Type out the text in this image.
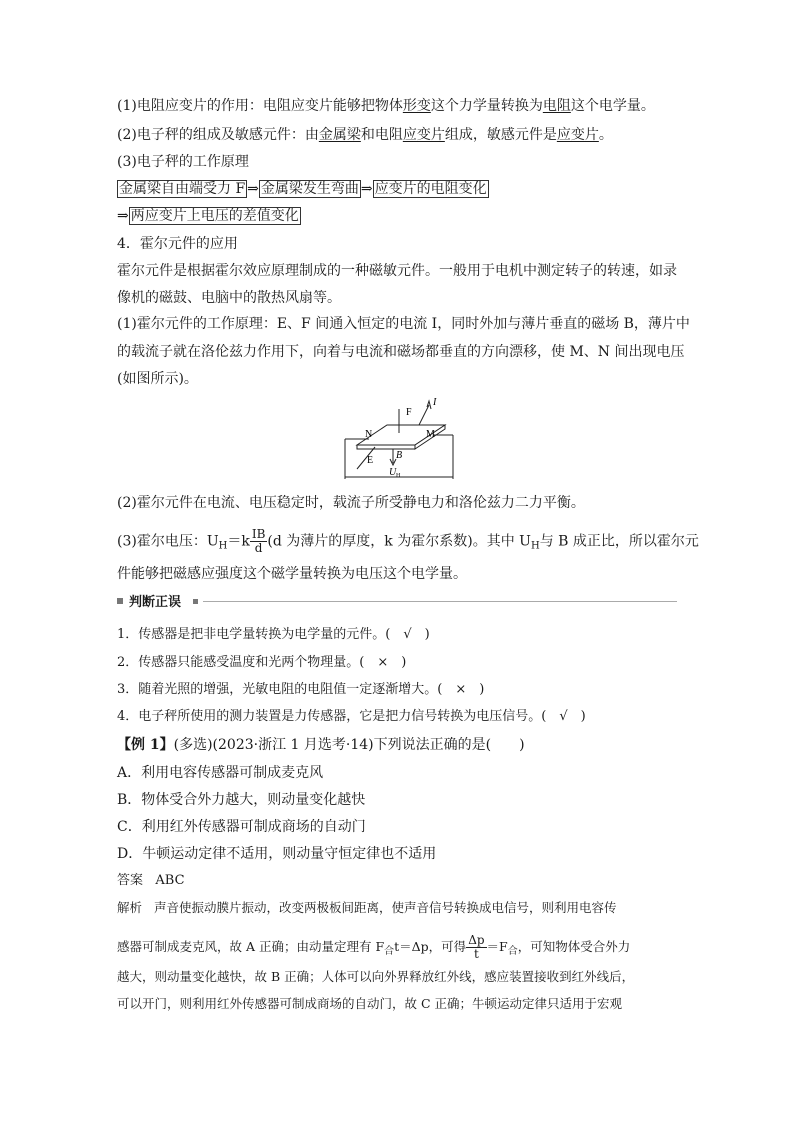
(1)电阻应变片的作用：电阻应变片能够把物体形变这个力学量转换为电阻这个电学量。
(2)电子秤的组成及敏感元件：由金属梁和电阻应变片组成，敏感元件是应变片。
(3)电子秤的工作原理
金属梁自由端受力 F ⇒ 金属梁发生弯曲 ⇒ 应变片的电阻变化
⇒ 两应变片上电压的差值变化
4．霍尔元件的应用
霍尔元件是根据霍尔效应原理制成的一种磁敏元件。一般用于电机中测定转子的转速，如录
像机的磁鼓、电脑中的散热风扇等。
(1)霍尔元件的工作原理：E、F 间通入恒定的电流 I，同时外加与薄片垂直的磁场 B，薄片中
的载流子就在洛伦兹力作用下，向着与电流和磁场都垂直的方向漂移，使 M、N 间出现电压
(如图所示)。
F
I
N	M
E B
U H
(2)霍尔元件在电流、电压稳定时，载流子所受静电力和洛伦兹力二力平衡。
(3)霍尔电压：$U_H=k \frac{IB}{d} (d$ 为薄片的厚度，k 为霍尔系数)。其中 $U_H$与 B 成正比，所以霍尔元
件能够把磁感应强度这个磁学量转换为电压这个电学量。
判断正误
1．传感器是把非电学量转换为电学量的元件。(　√　)
2．传感器只能感受温度和光两个物理量。(　×　)
3．随着光照的增强，光敏电阻的电阻值一定逐渐增大。(　×　)
4．电子秤所使用的测力装置是力传感器，它是把力信号转换为电压信号。(　√　)
【例 1】(多选)(2023·浙江 1 月选考·14)下列说法正确的是(　　)
A．利用电容传感器可制成麦克风
B．物体受合外力越大，则动量变化越快
C．利用红外传感器可制成商场的自动门
D．牛顿运动定律不适用，则动量守恒定律也不适用
答案 ABC
解析 声音使振动膜片振动，改变两极板间距离，使声音信号转换成电信号，则利用电容传
感器可制成麦克风，故 A 正确；由动量定理有 $F_合t=\Delta p$，可得 $\frac{\Delta p}{t} =F_合$，可知物体受合外力
越大，则动量变化越快，故 B 正确；人体可以向外界释放红外线，感应装置接收到红外线后，
可以开门，则利用红外传感器可制成商场的自动门，故 C 正确；牛顿运动定律只适用于宏观
